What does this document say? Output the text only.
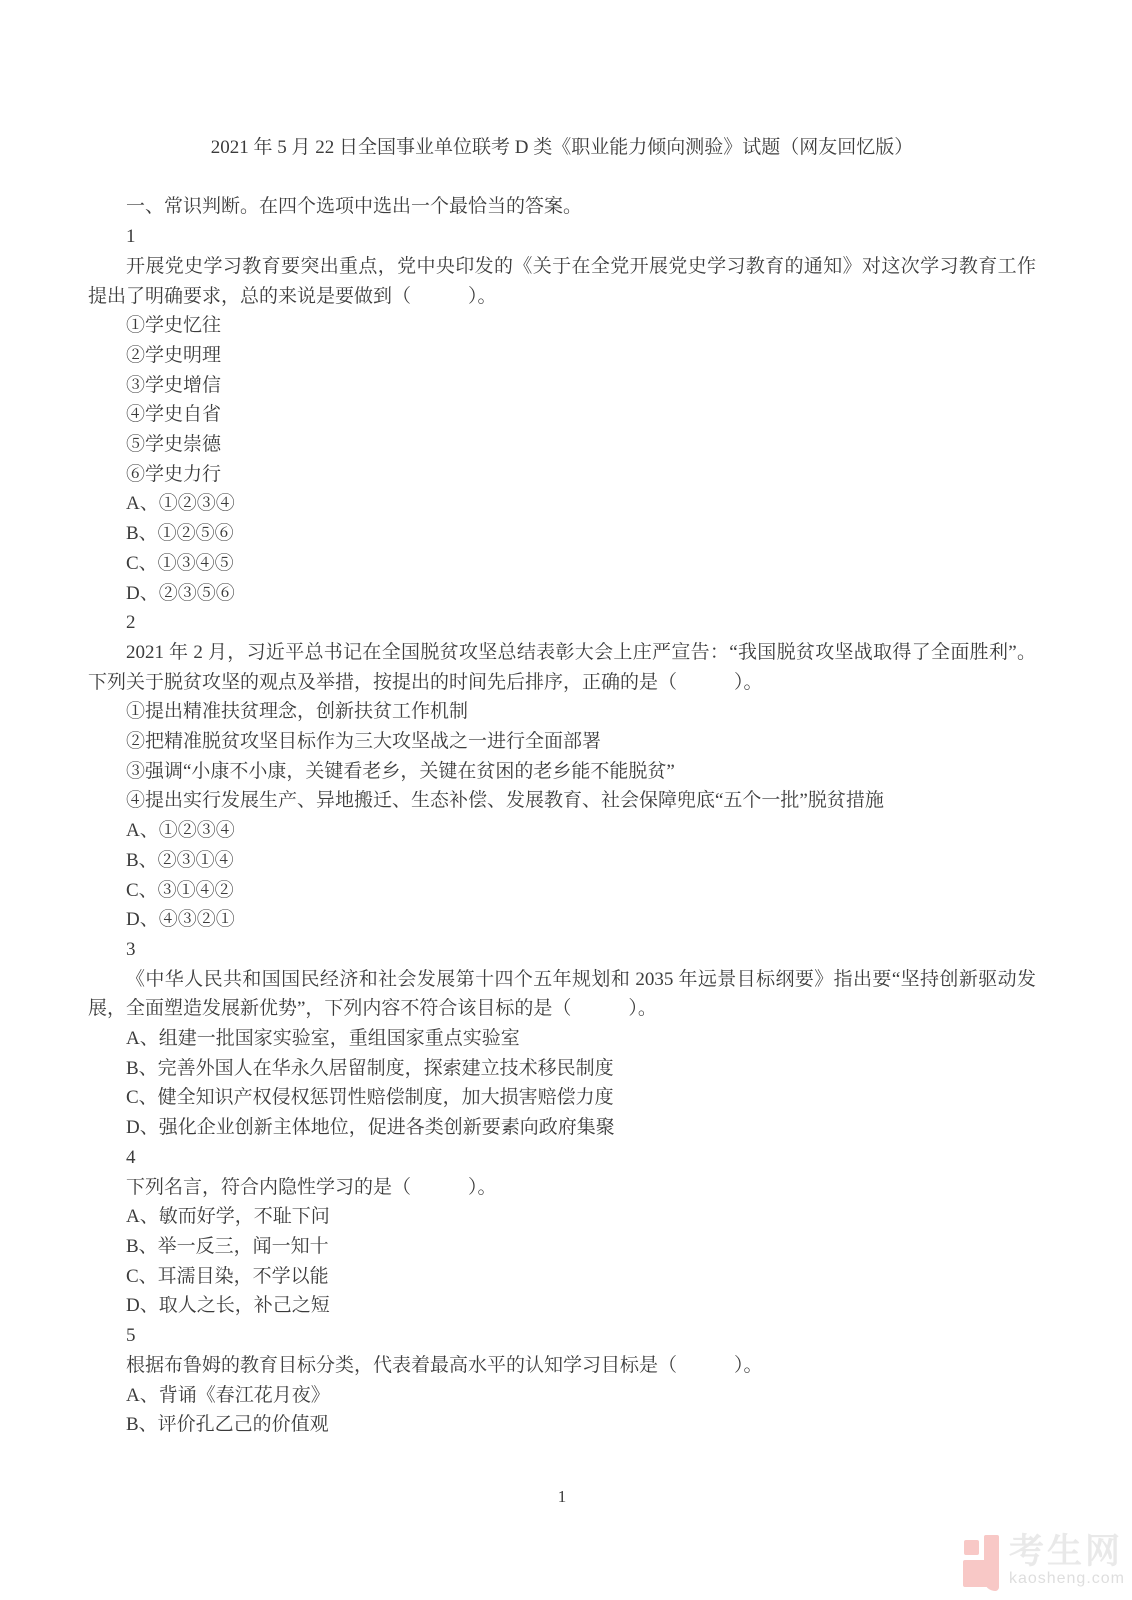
2021 年 5 月 22 日全国事业单位联考 D 类《职业能力倾向测验》试题（网友回忆版）

一、常识判断。在四个选项中选出一个最恰当的答案。

1

开展党史学习教育要突出重点，党中央印发的《关于在全党开展党史学习教育的通知》对这次学习教育工作提出了明确要求，总的来说是要做到（　　　）。

①学史忆往

②学史明理

③学史增信

④学史自省

⑤学史崇德

⑥学史力行

A、①②③④

B、①②⑤⑥

C、①③④⑤

D、②③⑤⑥

2

2021 年 2 月，习近平总书记在全国脱贫攻坚总结表彰大会上庄严宣告：“我国脱贫攻坚战取得了全面胜利”。下列关于脱贫攻坚的观点及举措，按提出的时间先后排序，正确的是（　　　）。

①提出精准扶贫理念，创新扶贫工作机制

②把精准脱贫攻坚目标作为三大攻坚战之一进行全面部署

③强调“小康不小康，关键看老乡，关键在贫困的老乡能不能脱贫”

④提出实行发展生产、异地搬迁、生态补偿、发展教育、社会保障兜底“五个一批”脱贫措施

A、①②③④

B、②③①④

C、③①④②

D、④③②①

3

《中华人民共和国国民经济和社会发展第十四个五年规划和 2035 年远景目标纲要》指出要“坚持创新驱动发展，全面塑造发展新优势”，下列内容不符合该目标的是（　　　）。

A、组建一批国家实验室，重组国家重点实验室

B、完善外国人在华永久居留制度，探索建立技术移民制度

C、健全知识产权侵权惩罚性赔偿制度，加大损害赔偿力度

D、强化企业创新主体地位，促进各类创新要素向政府集聚

4

下列名言，符合内隐性学习的是（　　　）。

A、敏而好学，不耻下问

B、举一反三，闻一知十

C、耳濡目染，不学以能

D、取人之长，补己之短

5

根据布鲁姆的教育目标分类，代表着最高水平的认知学习目标是（　　　）。

A、背诵《春江花月夜》

B、评价孔乙己的价值观

1
考生网
kaosheng.com
